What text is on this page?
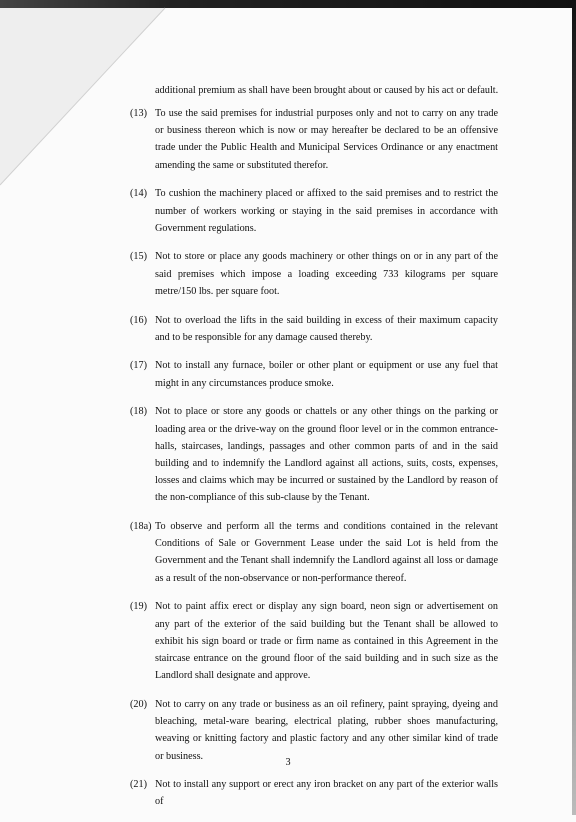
additional premium as shall have been brought about or caused by his act or default.
(13) To use the said premises for industrial purposes only and not to carry on any trade or business thereon which is now or may hereafter be declared to be an offensive trade under the Public Health and Municipal Services Ordinance or any enactment amending the same or substituted therefor.
(14) To cushion the machinery placed or affixed to the said premises and to restrict the number of workers working or staying in the said premises in accordance with Government regulations.
(15) Not to store or place any goods machinery or other things on or in any part of the said premises which impose a loading exceeding 733 kilograms per square metre/150 lbs. per square foot.
(16) Not to overload the lifts in the said building in excess of their maximum capacity and to be responsible for any damage caused thereby.
(17) Not to install any furnace, boiler or other plant or equipment or use any fuel that might in any circumstances produce smoke.
(18) Not to place or store any goods or chattels or any other things on the parking or loading area or the drive-way on the ground floor level or in the common entrance-halls, staircases, landings, passages and other common parts of and in the said building and to indemnify the Landlord against all actions, suits, costs, expenses, losses and claims which may be incurred or sustained by the Landlord by reason of the non-compliance of this sub-clause by the Tenant.
(18a) To observe and perform all the terms and conditions contained in the relevant Conditions of Sale or Government Lease under the said Lot is held from the Government and the Tenant shall indemnify the Landlord against all loss or damage as a result of the non-observance or non-performance thereof.
(19) Not to paint affix erect or display any sign board, neon sign or advertisement on any part of the exterior of the said building but the Tenant shall be allowed to exhibit his sign board or trade or firm name as contained in this Agreement in the staircase entrance on the ground floor of the said building and in such size as the Landlord shall designate and approve.
(20) Not to carry on any trade or business as an oil refinery, paint spraying, dyeing and bleaching, metal-ware bearing, electrical plating, rubber shoes manufacturing, weaving or knitting factory and plastic factory and any other similar kind of trade or business.
(21) Not to install any support or erect any iron bracket on any part of the exterior walls of
3
